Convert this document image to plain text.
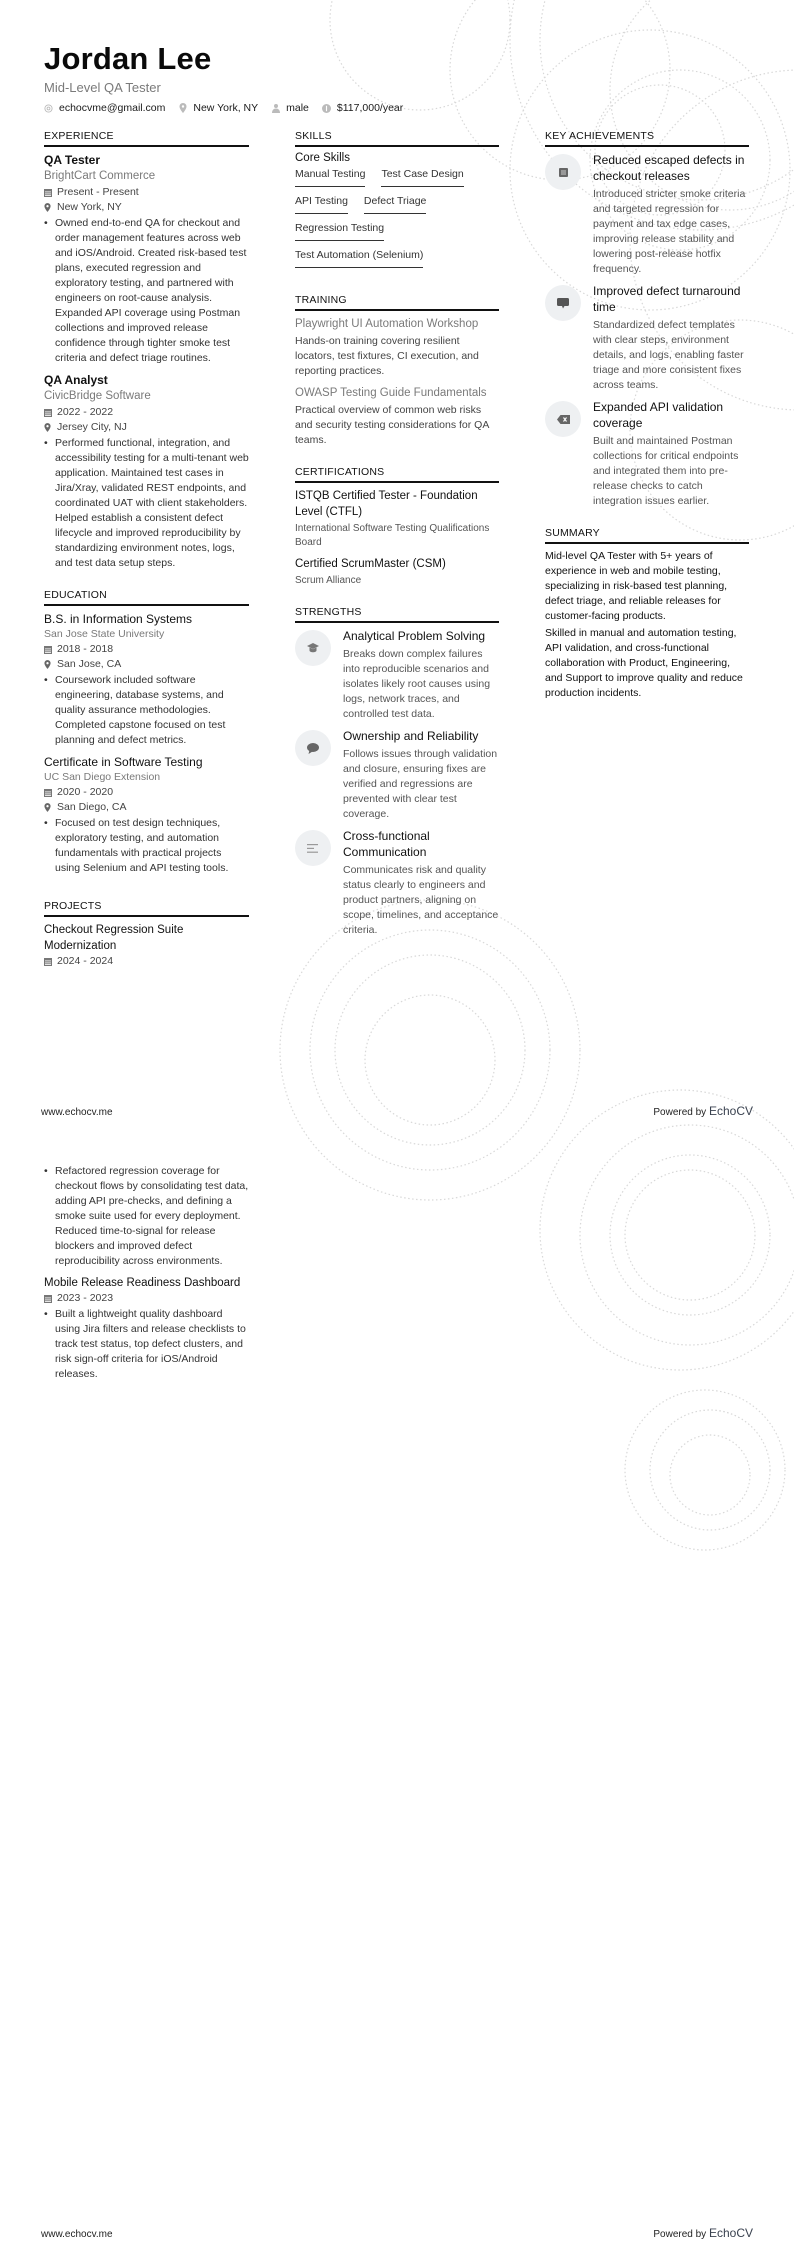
Jordan Lee
Mid-Level QA Tester
echocvme@gmail.com	New York, NY	male	$117,000/year
EXPERIENCE
QA Tester
BrightCart Commerce
Present - Present
New York, NY
• Owned end-to-end QA for checkout and order management features across web and iOS/Android. Created risk-based test plans, executed regression and exploratory testing, and partnered with engineers on root-cause analysis. Expanded API coverage using Postman collections and improved release confidence through tighter smoke test criteria and defect triage routines.
QA Analyst
CivicBridge Software
2022 - 2022
Jersey City, NJ
• Performed functional, integration, and accessibility testing for a multi-tenant web application. Maintained test cases in Jira/Xray, validated REST endpoints, and coordinated UAT with client stakeholders. Helped establish a consistent defect lifecycle and improved reproducibility by standardizing environment notes, logs, and test data setup steps.
EDUCATION
B.S. in Information Systems
San Jose State University
2018 - 2018
San Jose, CA
• Coursework included software engineering, database systems, and quality assurance methodologies. Completed capstone focused on test planning and defect metrics.
Certificate in Software Testing
UC San Diego Extension
2020 - 2020
San Diego, CA
• Focused on test design techniques, exploratory testing, and automation fundamentals with practical projects using Selenium and API testing tools.
PROJECTS
Checkout Regression Suite Modernization
2024 - 2024
SKILLS
Core Skills
Manual Testing Test Case Design
API Testing Defect Triage
Regression Testing
Test Automation (Selenium)
TRAINING
Playwright UI Automation Workshop
Hands-on training covering resilient locators, test fixtures, CI execution, and reporting practices.
OWASP Testing Guide Fundamentals
Practical overview of common web risks and security testing considerations for QA teams.
CERTIFICATIONS
ISTQB Certified Tester - Foundation Level (CTFL)
International Software Testing Qualifications Board
Certified ScrumMaster (CSM)
Scrum Alliance
STRENGTHS
Analytical Problem Solving
Breaks down complex failures into reproducible scenarios and isolates likely root causes using logs, network traces, and controlled test data.
Ownership and Reliability
Follows issues through validation and closure, ensuring fixes are verified and regressions are prevented with clear test coverage.
Cross-functional Communication
Communicates risk and quality status clearly to engineers and product partners, aligning on scope, timelines, and acceptance criteria.
KEY ACHIEVEMENTS
Reduced escaped defects in checkout releases
Introduced stricter smoke criteria and targeted regression for payment and tax edge cases, improving release stability and lowering post-release hotfix frequency.
Improved defect turnaround time
Standardized defect templates with clear steps, environment details, and logs, enabling faster triage and more consistent fixes across teams.
Expanded API validation coverage
Built and maintained Postman collections for critical endpoints and integrated them into pre-release checks to catch integration issues earlier.
SUMMARY

Mid-level QA Tester with 5+ years of experience in web and mobile testing, specializing in risk-based test planning, defect triage, and reliable releases for customer-facing products.

Skilled in manual and automation testing, API validation, and cross-functional collaboration with Product, Engineering, and Support to improve quality and reduce production incidents.

www.echocv.me	Powered by EchoCV
• Refactored regression coverage for checkout flows by consolidating test data, adding API pre-checks, and defining a smoke suite used for every deployment. Reduced time-to-signal for release blockers and improved defect reproducibility across environments.
Mobile Release Readiness Dashboard
2023 - 2023
• Built a lightweight quality dashboard using Jira filters and release checklists to track test status, top defect clusters, and risk sign-off criteria for iOS/Android releases.
www.echocv.me	Powered by EchoCV
